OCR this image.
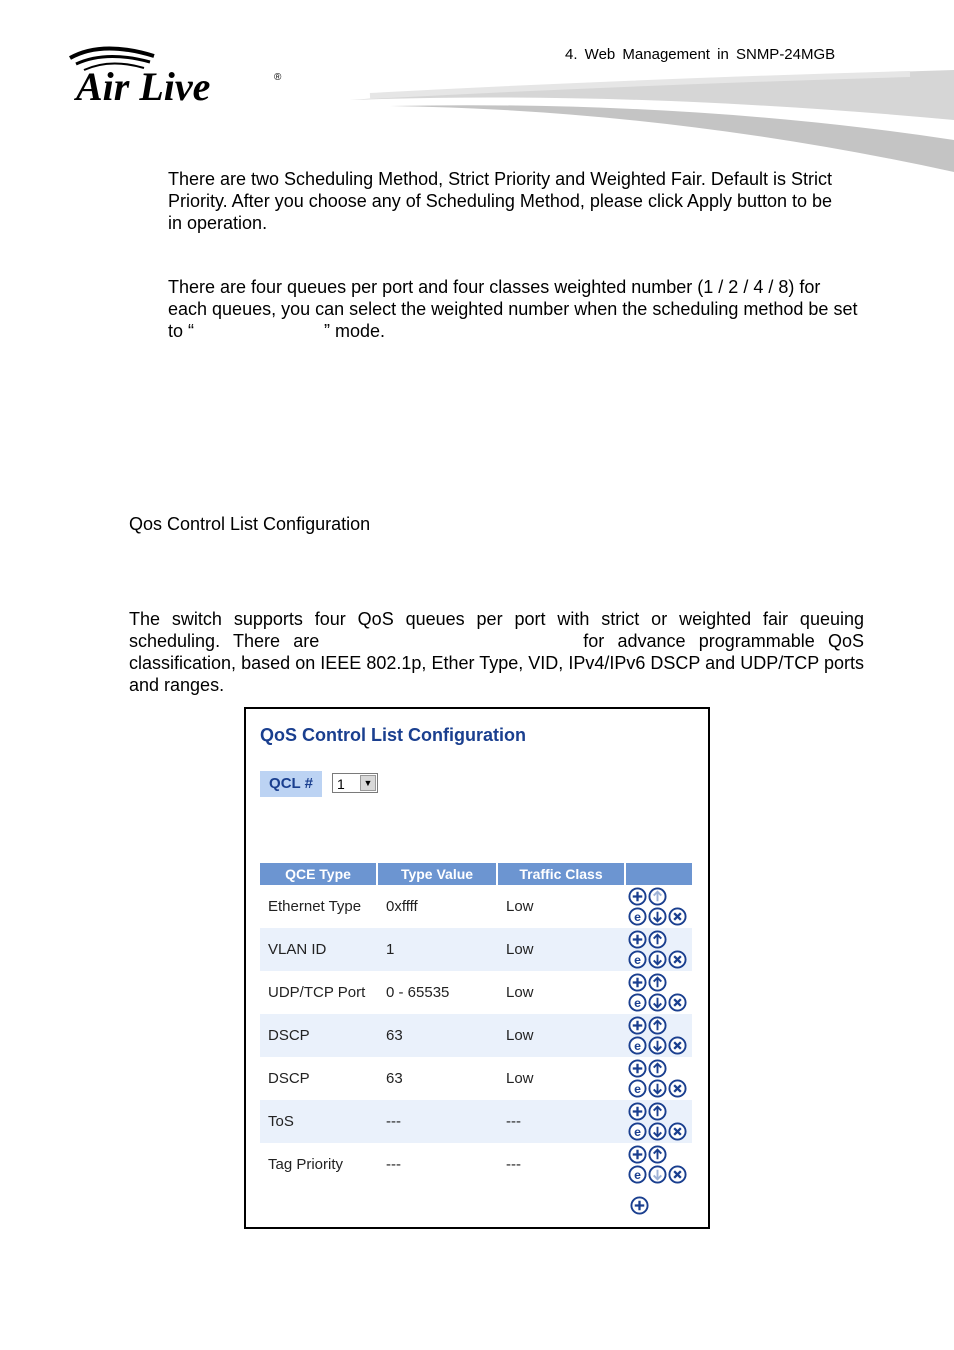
Air Live	®
4. Web Management in SNMP-24MGB
There are two Scheduling Method, Strict Priority and Weighted Fair. Default is Strict Priority. After you choose any of Scheduling Method, please click Apply button to be in operation.
There are four queues per port and four classes weighted number (1 / 2 / 4 / 8) for each queues, you can select the weighted number when the scheduling method be set to “	” mode.
Qos Control List Configuration
The switch supports four QoS queues per port with strict or weighted fair queuing scheduling. There are	for advance programmable QoS classification, based on IEEE 802.1p, Ether Type, VID, IPv4/IPv6 DSCP and UDP/TCP ports and ranges.
QoS Control List Configuration
QCL #	1	▼
QCE Type	Type Value	Traffic Class
Ethernet Type	0xffff	Low
e
VLAN ID	1	Low
e
UDP/TCP Port	0 - 65535	Low
e
DSCP	63	Low
e
DSCP	63	Low
e
ToS	---	---
e
Tag Priority	---	---
e
